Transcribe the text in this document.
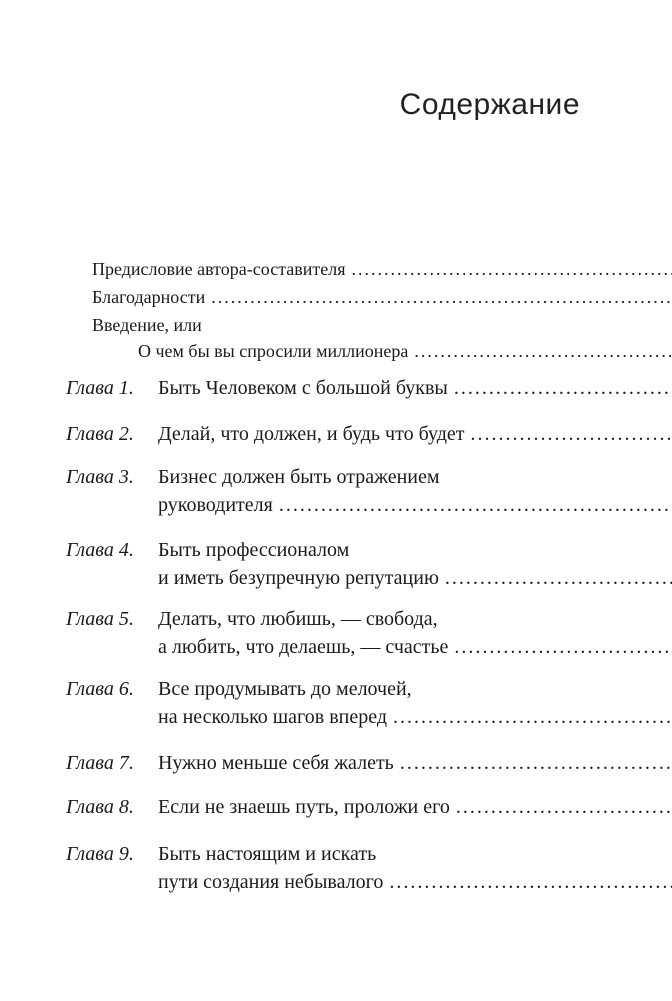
Содержание
Предисловие автора-составителя
.....
Благодарности
.....
Введение, или
О чем бы вы спросили миллионера
.....
Глава 1.	Быть Человеком с большой буквы
.....
Глава 2.	Делай, что должен, и будь что будет
.....
Глава 3.	Бизнес должен быть отражением
руководителя
.....
Глава 4.	Быть профессионалом
и иметь безупречную репутацию
.....
Глава 5.	Делать, что любишь, — свобода,
а любить, что делаешь, — счастье
.....
Глава 6.	Все продумывать до мелочей,
на несколько шагов вперед
.....
Глава 7.	Нужно меньше себя жалеть
.....
Глава 8.	Если не знаешь путь, проложи его
.....
Глава 9.	Быть настоящим и искать
пути создания небывалого
.....
